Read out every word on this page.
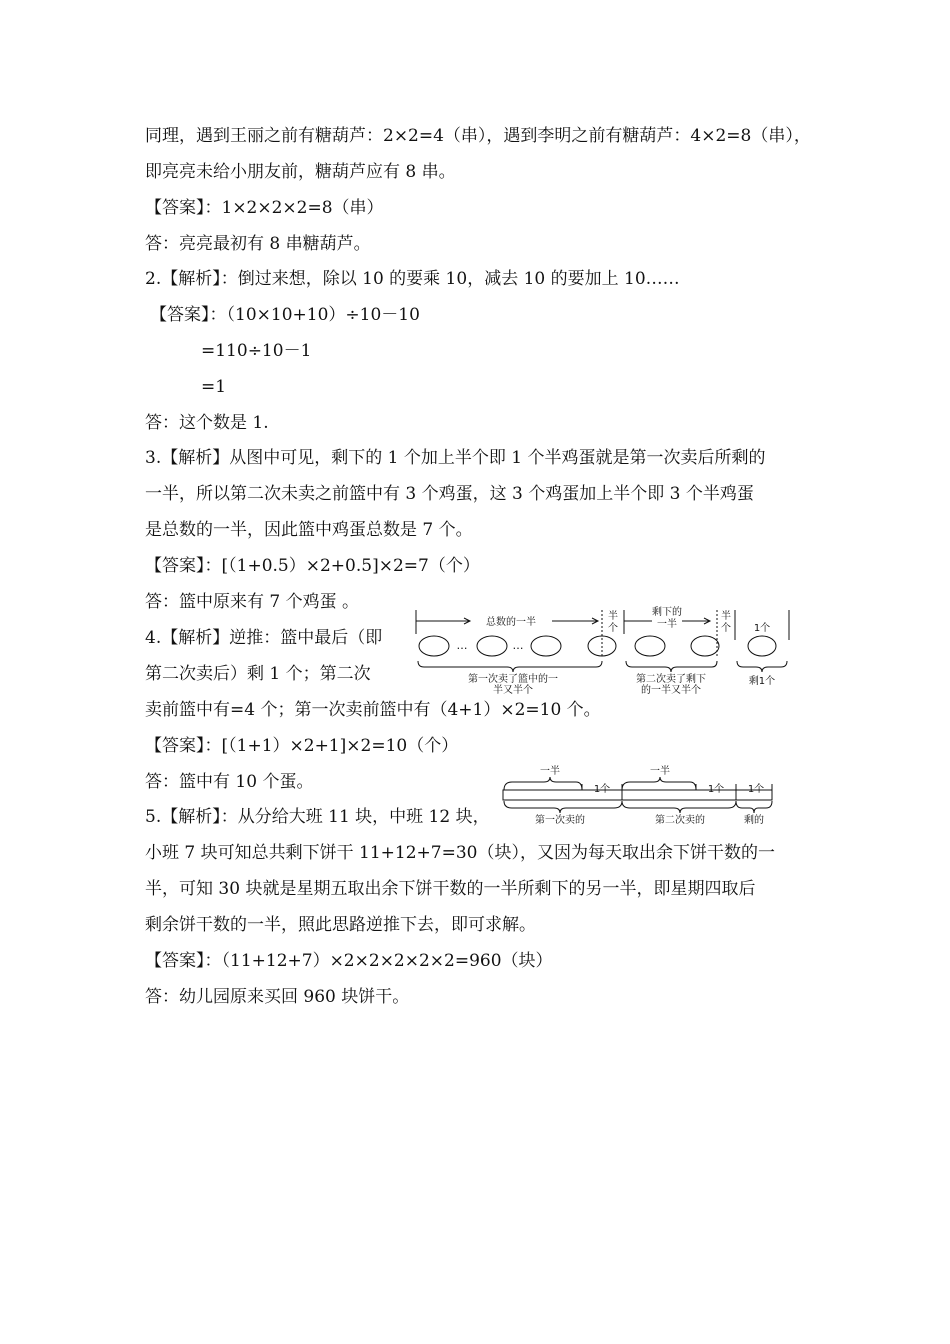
同理，遇到王丽之前有糖葫芦：2×2=4（串），遇到李明之前有糖葫芦：4×2=8（串），
即亮亮未给小朋友前，糖葫芦应有 8 串。
【答案】：1×2×2×2=8（串）
答：亮亮最初有 8 串糖葫芦。
2.【解析】：倒过来想，除以 10 的要乘 10，减去 10 的要加上 10……
【答案】：（10×10+10）÷10－10
=110÷10－1
=1
答：这个数是 1.
3.【解析】从图中可见，剩下的 1 个加上半个即 1 个半鸡蛋就是第一次卖后所剩的
一半，所以第二次未卖之前篮中有 3 个鸡蛋，这 3 个鸡蛋加上半个即 3 个半鸡蛋
是总数的一半，因此篮中鸡蛋总数是 7 个。
【答案】：[（1+0.5）×2+0.5]×2=7（个）
答：篮中原来有 7 个鸡蛋 。
4.【解析】逆推：篮中最后（即
第二次卖后）剩 1 个；第二次
卖前篮中有=4 个；第一次卖前篮中有（4+1）×2=10 个。
【答案】：[（1+1）×2+1]×2=10（个）
答：篮中有 10 个蛋。
5.【解析】：从分给大班 11 块，中班 12 块，
小班 7 块可知总共剩下饼干 11+12+7=30（块），又因为每天取出余下饼干数的一
半，可知 30 块就是星期五取出余下饼干数的一半所剩下的另一半，即星期四取后
剩余饼干数的一半，照此思路逆推下去，即可求解。
【答案】：（11+12+7）×2×2×2×2×2=960（块）
答：幼儿园原来买回 960 块饼干。
总数的一半
半
个
剩下的
一半
半
个 1个
…	…
第一次卖了篮中的一
半又半个
第二次卖了剩下
的一半又半个
剩1个
一半
1个
一半
1个 1个
第一次卖的	第二次卖的	剩的
